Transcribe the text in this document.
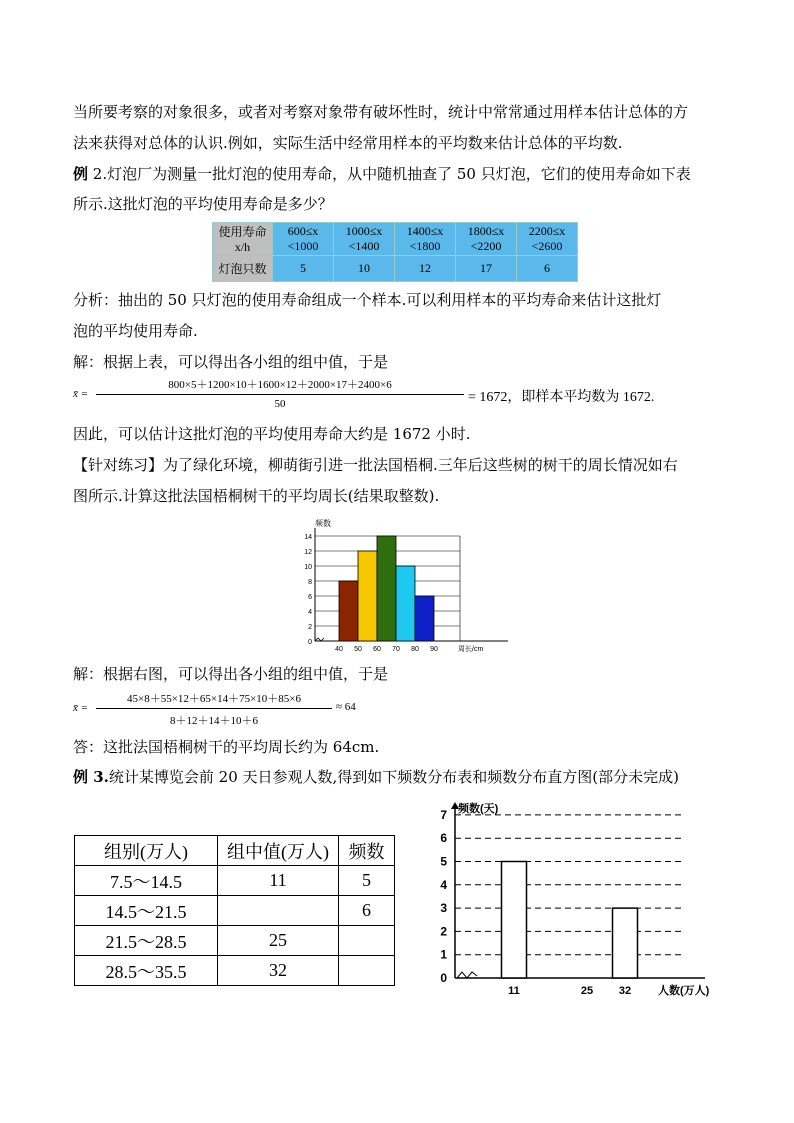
当所要考察的对象很多，或者对考察对象带有破坏性时，统计中常常通过用样本估计总体的方
法来获得对总体的认识.例如，实际生活中经常用样本的平均数来估计总体的平均数.
例 2.灯泡厂为测量一批灯泡的使用寿命，从中随机抽查了 50 只灯泡，它们的使用寿命如下表
所示.这批灯泡的平均使用寿命是多少？
使用寿命 x/h	600≤x <1000	1000≤x <1400	1400≤x <1800	1800≤x <2200	2200≤x <2600
灯泡只数	5	10	12	17	6
分析：抽出的 50 只灯泡的使用寿命组成一个样本.可以利用样本的平均寿命来估计这批灯
泡的平均使用寿命.
解：根据上表，可以得出各小组的组中值，于是
x̄ =
800×5＋1200×10＋1600×12＋2000×17＋2400×6
50	= 1672，即样本平均数为 1672.
因此，可以估计这批灯泡的平均使用寿命大约是 1672 小时.
【针对练习】为了绿化环境，柳萌街引进一批法国梧桐.三年后这些树的树干的周长情况如右
图所示.计算这批法国梧桐树干的平均周长(结果取整数).
频数
周长/cm
0
2
4
6
8
10
12
14
40 50 60 70 80 90
解：根据右图，可以得出各小组的组中值，于是
x̄ =
45×8＋55×12＋65×14＋75×10＋85×6
8＋12＋14＋10＋6
≈ 64
答：这批法国梧桐树干的平均周长约为 64cm.
例 3.统计某博览会前 20 天日参观人数,得到如下频数分布表和频数分布直方图(部分未完成)
组别(万人)	组中值(万人)	频数
7.5～14.5	11	5
14.5～21.5		6
21.5～28.5	25	
28.5～35.5	32	
频数(天)
人数(万人)
0
1
2
3
4
5
6
7
11	25 32
